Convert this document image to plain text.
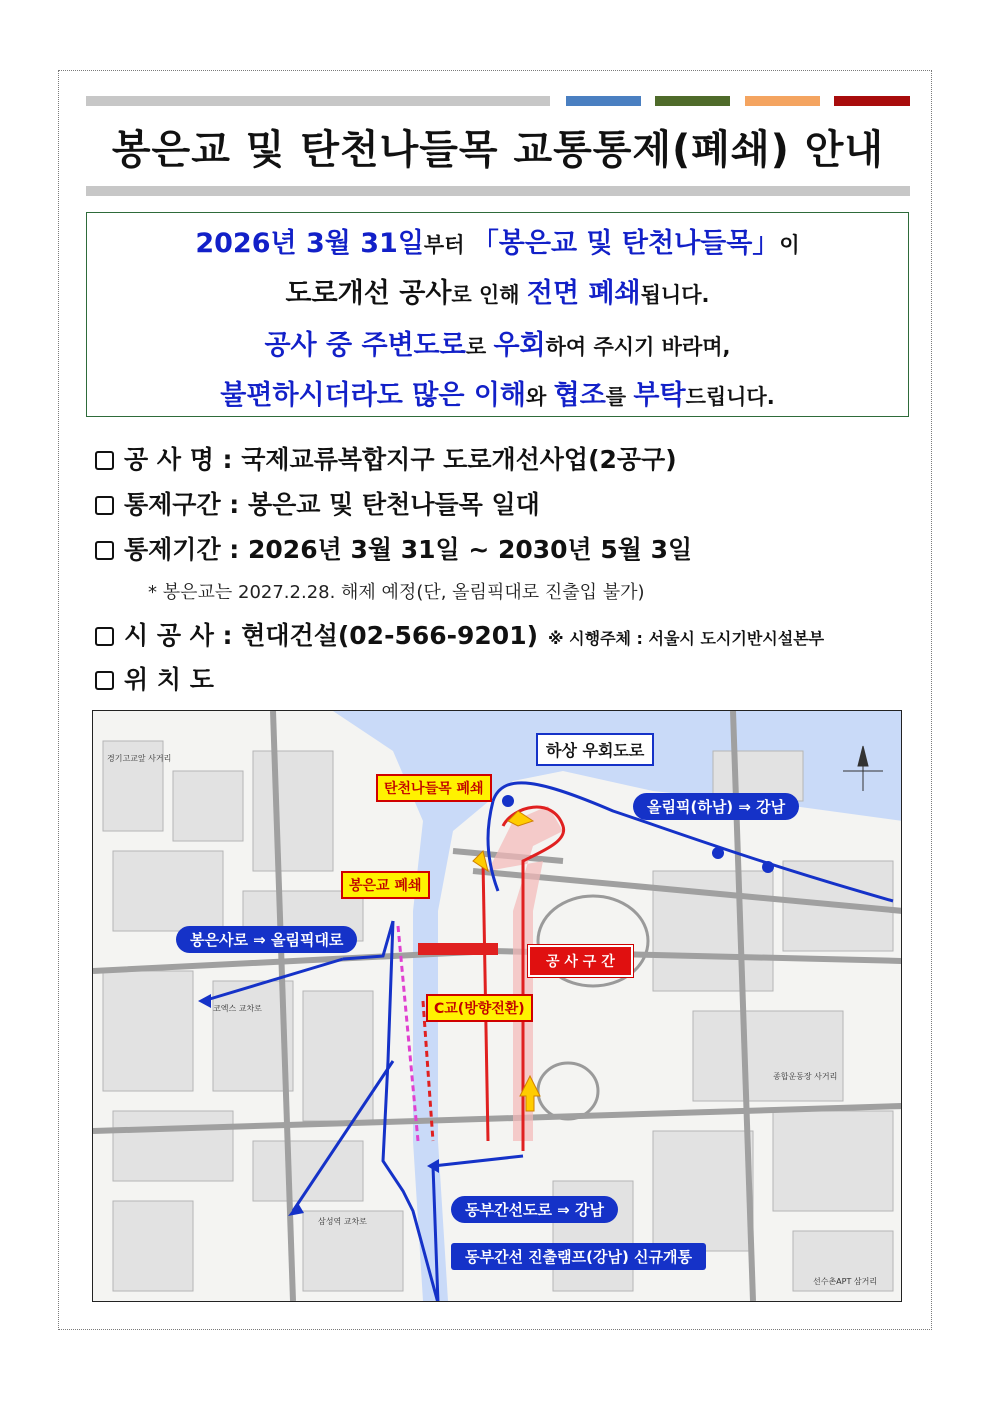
봉은교 및 탄천나들목 교통통제(폐쇄) 안내
2026년 3월 31일부터 「봉은교 및 탄천나들목」이
도로개선 공사로 인해 전면 폐쇄됩니다.
공사 중 주변도로로 우회하여 주시기 바라며,
불편하시더라도 많은 이해와 협조를 부탁드립니다.
공 사 명 : 국제교류복합지구 도로개선사업(2공구)
통제구간 : 봉은교 및 탄천나들목 일대
통제기간 : 2026년 3월 31일 ~ 2030년 5월 3일
* 봉은교는 2027.2.28. 해제 예정(단, 올림픽대로 진출입 불가)
시 공 사 : 현대건설(02-566-9201) ※ 시행주체 : 서울시 도시기반시설본부
위 치 도
하상 우회도로
올림픽(하남) ⇒ 강남
탄천나들목 폐쇄
봉은교 폐쇄
봉은사로 ⇒ 올림픽대로
공 사 구 간
C교(방향전환)
동부간선도로 ⇒ 강남
동부간선 진출램프(강남) 신규개통
경기고교앞 사거리
코엑스 교차로
삼성역 교차로
종합운동장 사거리
선수촌APT 삼거리
